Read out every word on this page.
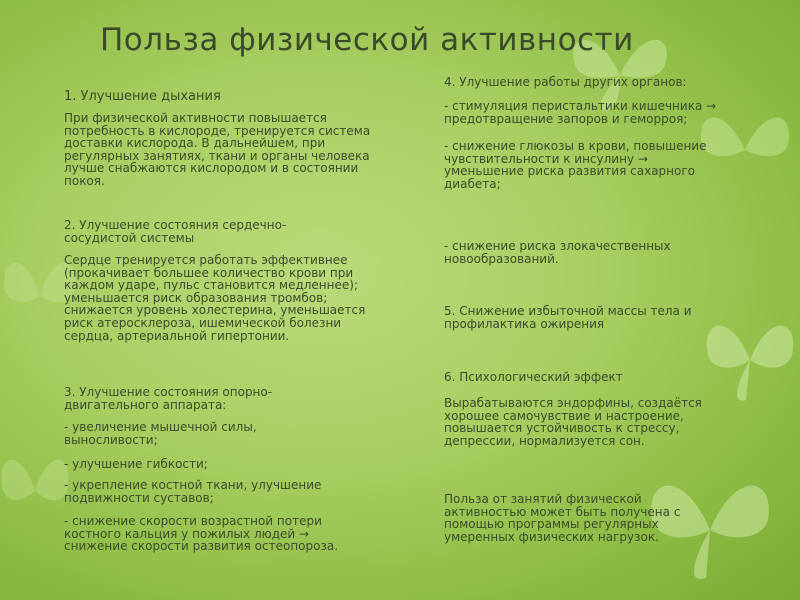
Польза физической активности
1. Улучшение дыхания
При физической активности повышается потребность в кислороде, тренируется система доставки кислорода. В дальнейшем, при регулярных занятиях, ткани и органы человека лучше снабжаются кислородом и в состоянии покоя.
2. Улучшение состояния сердечно-сосудистой системы
Сердце тренируется работать эффективнее (прокачивает большее количество крови при каждом ударе, пульс становится медленнее); уменьшается риск образования тромбов; снижается уровень холестерина, уменьшается риск атеросклероза, ишемической болезни сердца, артериальной гипертонии.
3. Улучшение состояния опорно-двигательного аппарата:
- увеличение мышечной силы, выносливости;
- улучшение гибкости;
- укрепление костной ткани, улучшение подвижности суставов;
- снижение скорости возрастной потери костного кальция у пожилых людей → снижение скорости развития остеопороза.
4. Улучшение работы других органов:
- стимуляция перистальтики кишечника → предотвращение запоров и геморроя;
- снижение глюкозы в крови, повышение чувствительности к инсулину → уменьшение риска развития сахарного диабета;
- снижение риска злокачественных новообразований.
5. Снижение избыточной массы тела и профилактика ожирения
6. Психологический эффект
Вырабатываются эндорфины, создаётся хорошее самочувствие и настроение, повышается устойчивость к стрессу, депрессии, нормализуется сон.
Польза от занятий физической активностью может быть получена с помощью программы регулярных умеренных физических нагрузок.
